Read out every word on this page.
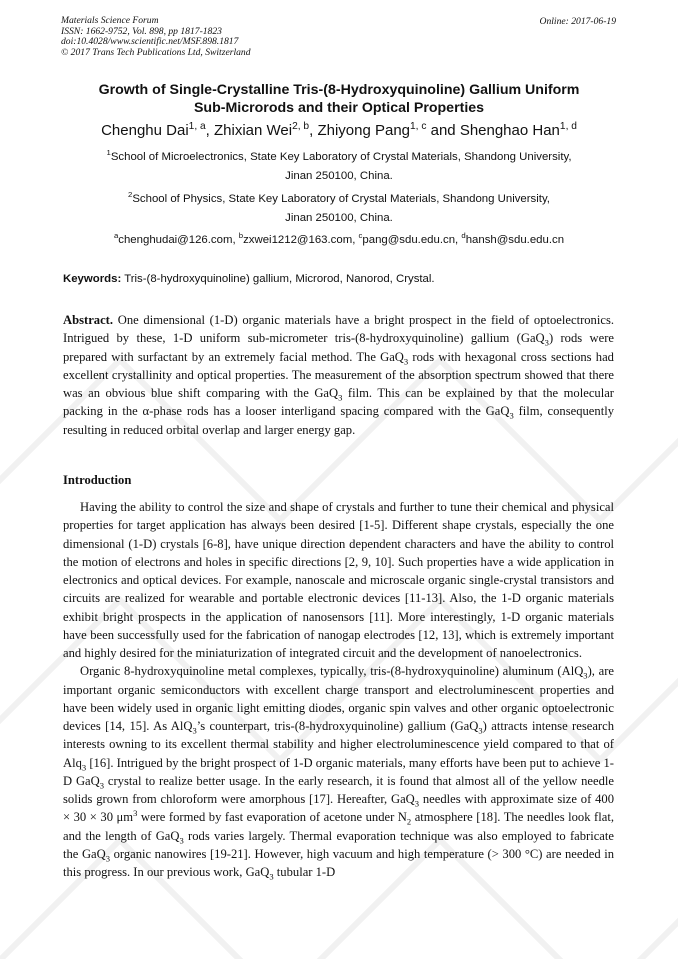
Materials Science Forum
ISSN: 1662-9752, Vol. 898, pp 1817-1823
doi:10.4028/www.scientific.net/MSF.898.1817
© 2017 Trans Tech Publications Ltd, Switzerland
Online: 2017-06-19
Growth of Single-Crystalline Tris-(8-Hydroxyquinoline) Gallium Uniform
Sub-Microrods and their Optical Properties
Chenghu Dai$^{1, a}$, Zhixian Wei$^{2, b}$, Zhiyong Pang$^{1, c}$ and Shenghao Han$^{1, d}$
$^1$School of Microelectronics, State Key Laboratory of Crystal Materials, Shandong University,
Jinan 250100, China.
$^2$School of Physics, State Key Laboratory of Crystal Materials, Shandong University,
Jinan 250100, China.
$^a$chenghudai@126.com, $^b$zxwei1212@163.com, $^c$pang@sdu.edu.cn, $^d$hansh@sdu.edu.cn
Keywords: Tris-(8-hydroxyquinoline) gallium, Microrod, Nanorod, Crystal.

Abstract. One dimensional (1-D) organic materials have a bright prospect in the field of optoelectronics. Intrigued by these, 1-D uniform sub-micrometer tris-(8-hydroxyquinoline) gallium (GaQ$_3$) rods were prepared with surfactant by an extremely facial method. The GaQ$_3$ rods with hexagonal cross sections had excellent crystallinity and optical properties. The measurement of the absorption spectrum showed that there was an obvious blue shift comparing with the GaQ$_3$ film. This can be explained by that the molecular packing in the α-phase rods has a looser interligand spacing compared with the GaQ$_3$ film, consequently resulting in reduced orbital overlap and larger energy gap.

Introduction

Having the ability to control the size and shape of crystals and further to tune their chemical and physical properties for target application has always been desired [1-5]. Different shape crystals, especially the one dimensional (1-D) crystals [6-8], have unique direction dependent characters and have the ability to control the motion of electrons and holes in specific directions [2, 9, 10]. Such properties have a wide application in electronics and optical devices. For example, nanoscale and microscale organic single-crystal transistors and circuits are realized for wearable and portable electronic devices [11-13]. Also, the 1-D organic materials exhibit bright prospects in the application of nanosensors [11]. More interestingly, 1-D organic materials have been successfully used for the fabrication of nanogap electrodes [12, 13], which is extremely important and highly desired for the miniaturization of integrated circuit and the development of nanoelectronics.

Organic 8-hydroxyquinoline metal complexes, typically, tris-(8-hydroxyquinoline) aluminum (AlQ$_3$), are important organic semiconductors with excellent charge transport and electroluminescent properties and have been widely used in organic light emitting diodes, organic spin valves and other organic optoelectronic devices [14, 15]. As AlQ$_3$’s counterpart, tris-(8-hydroxyquinoline) gallium (GaQ$_3$) attracts intense research interests owning to its excellent thermal stability and higher electroluminescence yield compared to that of Alq$_3$ [16]. Intrigued by the bright prospect of 1-D organic materials, many efforts have been put to achieve 1-D GaQ$_3$ crystal to realize better usage. In the early research, it is found that almost all of the yellow needle solids grown from chloroform were amorphous [17]. Hereafter, GaQ$_3$ needles with approximate size of 400 × 30 × 30 $\mu m^3$ were formed by fast evaporation of acetone under $N_2$ atmosphere [18]. The needles look flat, and the length of GaQ$_3$ rods varies largely. Thermal evaporation technique was also employed to fabricate the GaQ$_3$ organic nanowires [19-21]. However, high vacuum and high temperature (> 300 °C) are needed in this progress. In our previous work, GaQ$_3$ tubular 1-D
